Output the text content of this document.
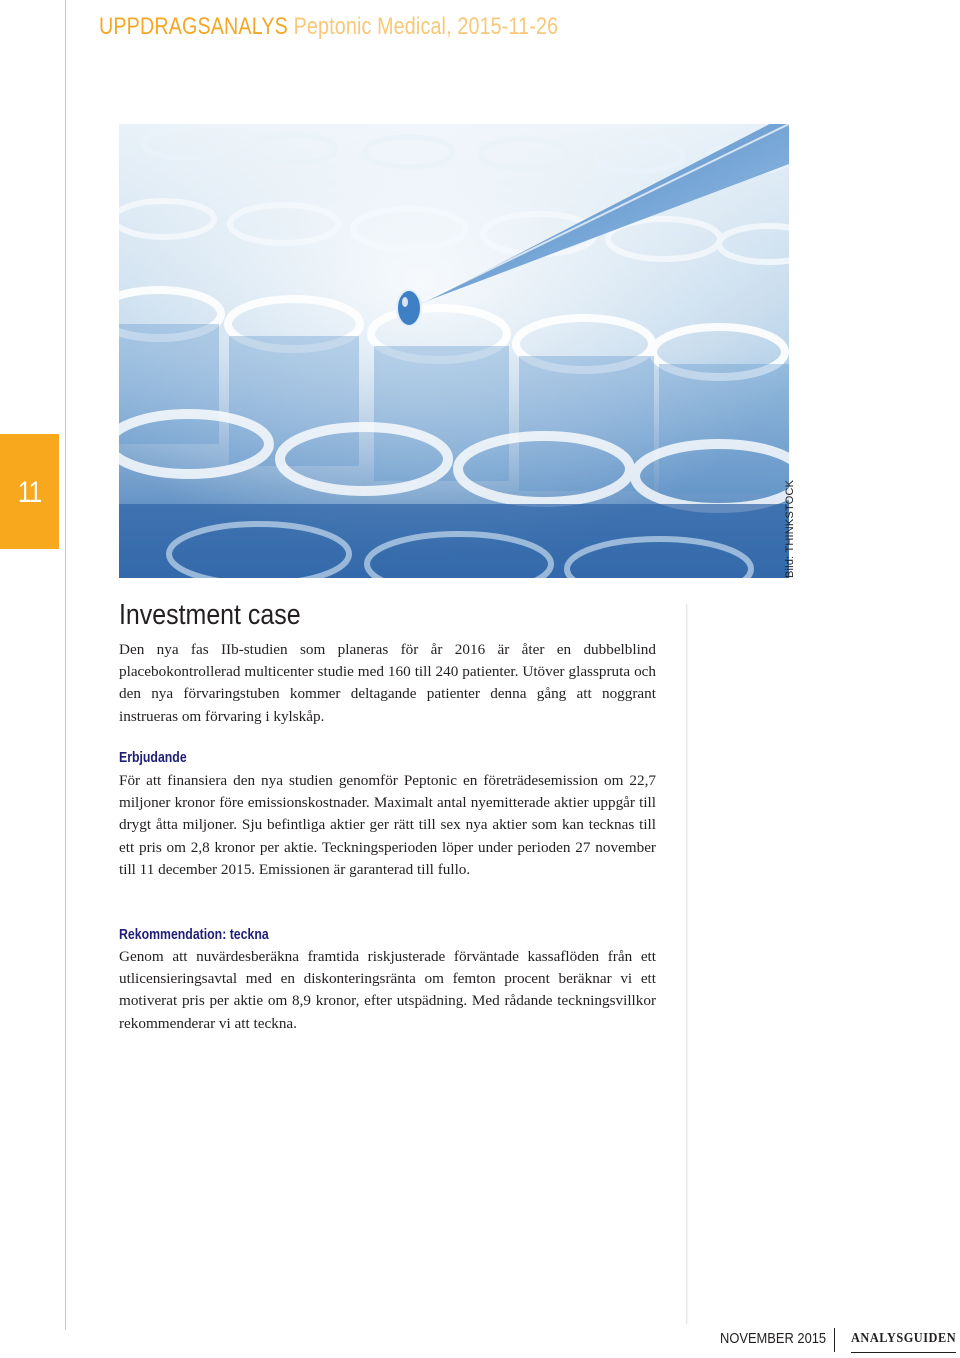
UPPDRAGSANALYS Peptonic Medical, 2015-11-26
11	Bild: THINKSTOCK
Investment case

Den nya fas IIb-studien som planeras för år 2016 är åter en dubbelblind placebokontrollerad multicenter studie med 160 till 240 patienter. Utöver glasspruta och den nya förvaringstuben kommer deltagande patienter denna gång att noggrant instrueras om förvaring i kylskåp.

Erbjudande

För att finansiera den nya studien genomför Peptonic en företrädesemission om 22,7 miljoner kronor före emissionskostnader. Maximalt antal nyemitterade aktier uppgår till drygt åtta miljoner. Sju befintliga aktier ger rätt till sex nya aktier som kan tecknas till ett pris om 2,8 kronor per aktie. Teckningsperioden löper under perioden 27 november till 11 december 2015. Emissionen är garanterad till fullo.

Rekommendation: teckna

Genom att nuvärdesberäkna framtida riskjusterade förväntade kassaflöden från ett utlicensieringsavtal med en diskonteringsränta om femton procent beräknar vi ett motiverat pris per aktie om 8,9 kronor, efter utspädning. Med rådande teckningsvillkor rekommenderar vi att teckna.

NOVEMBER 2015 ANALYSGUIDEN
